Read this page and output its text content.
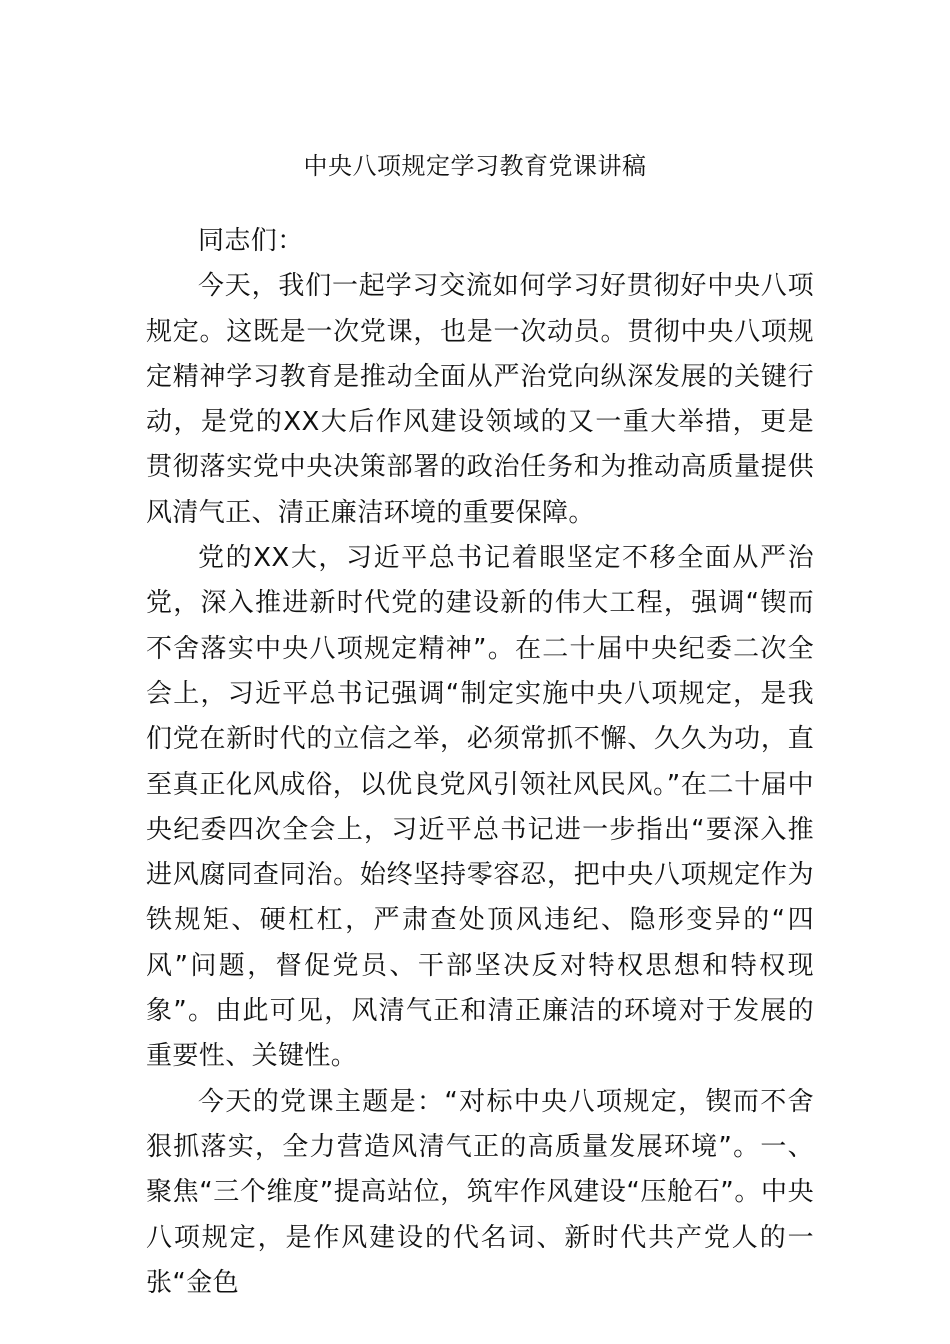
中央八项规定学习教育党课讲稿

同志们：

今天，我们一起学习交流如何学习好贯彻好中央八项规定。这既是一次党课，也是一次动员。贯彻中央八项规定精神学习教育是推动全面从严治党向纵深发展的关键行动，是党的XX大后作风建设领域的又一重大举措，更是贯彻落实党中央决策部署的政治任务和为推动高质量提供风清气正、清正廉洁环境的重要保障。

党的XX大，习近平总书记着眼坚定不移全面从严治党，深入推进新时代党的建设新的伟大工程，强调“锲而不舍落实中央八项规定精神”。在二十届中央纪委二次全会上，习近平总书记强调“制定实施中央八项规定，是我们党在新时代的立信之举，必须常抓不懈、久久为功，直至真正化风成俗，以优良党风引领社风民风。”在二十届中央纪委四次全会上，习近平总书记进一步指出“要深入推进风腐同查同治。始终坚持零容忍，把中央八项规定作为铁规矩、硬杠杠，严肃查处顶风违纪、隐形变异的“四风”问题，督促党员、干部坚决反对特权思想和特权现象”。由此可见，风清气正和清正廉洁的环境对于发展的重要性、关键性。

今天的党课主题是：“对标中央八项规定，锲而不舍狠抓落实，全力营造风清气正的高质量发展环境”。一、聚焦“三个维度”提高站位，筑牢作风建设“压舱石”。中央八项规定，是作风建设的代名词、新时代共产党人的一张“金色
